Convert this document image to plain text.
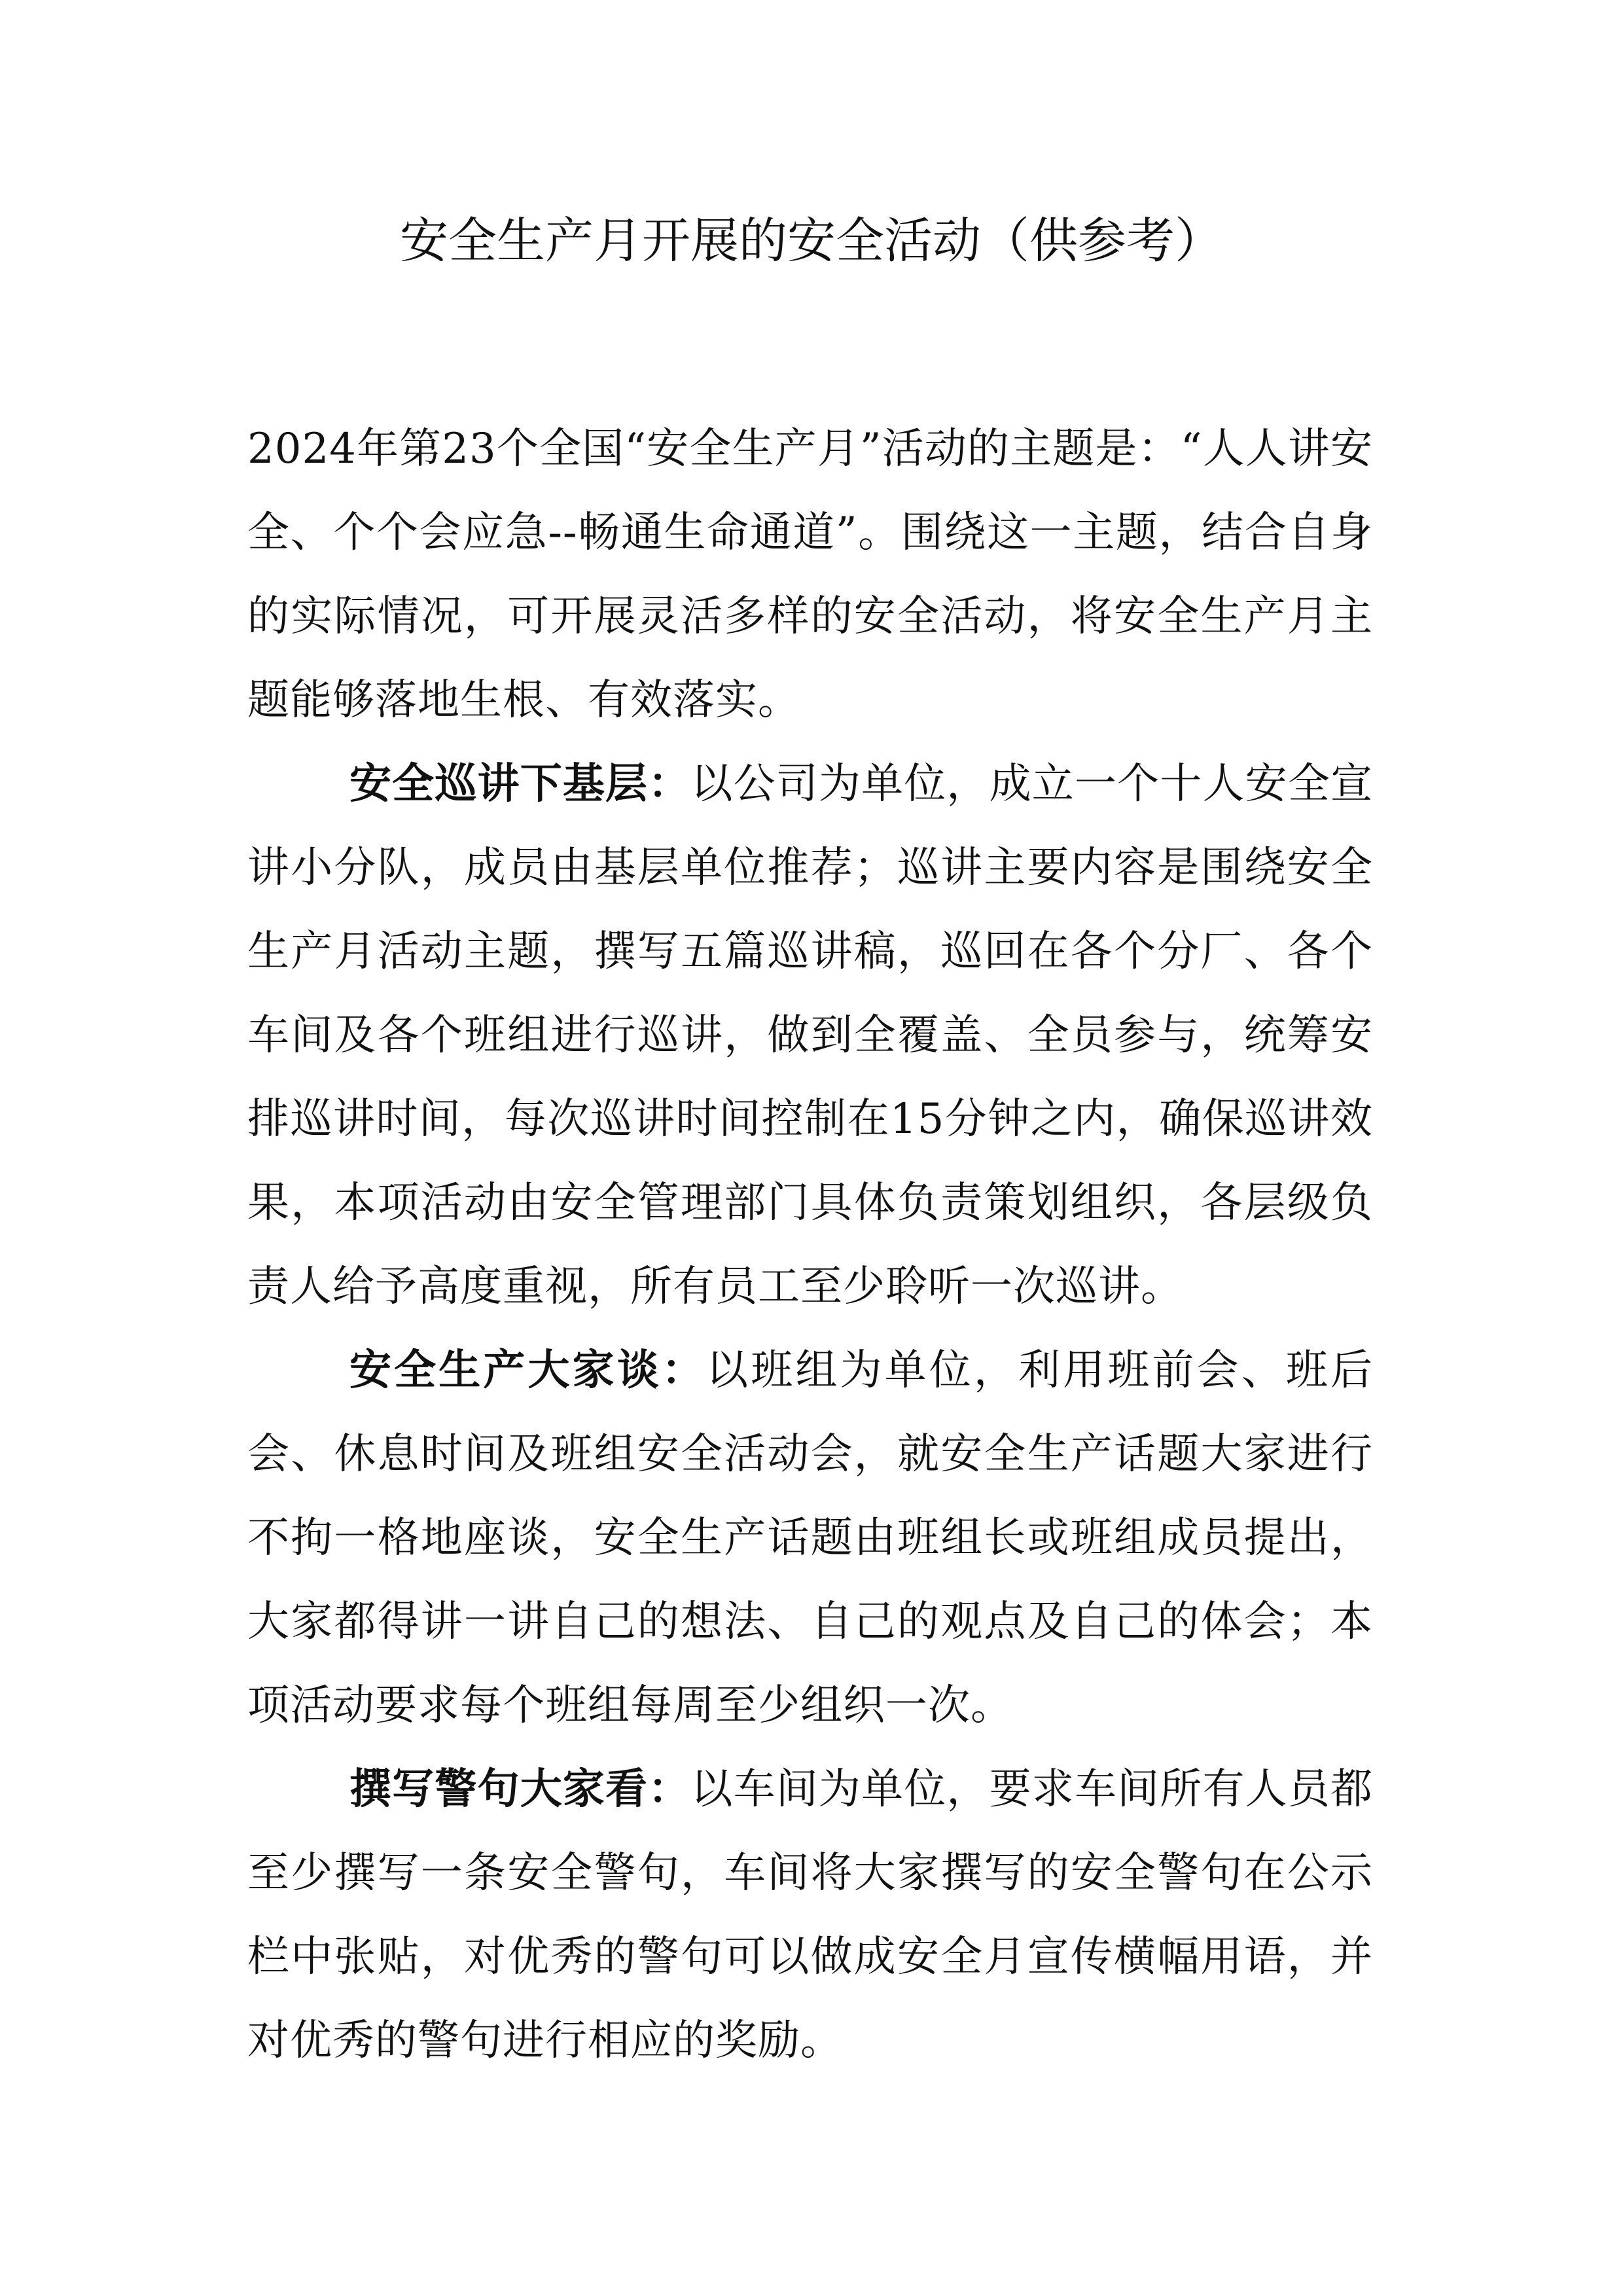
安全生产月开展的安全活动（供参考）

2024年第23个全国“安全生产月”活动的主题是：“人人讲安全、个个会应急--畅通生命通道”。围绕这一主题，结合自身的实际情况，可开展灵活多样的安全活动，将安全生产月主题能够落地生根、有效落实。

安全巡讲下基层：以公司为单位，成立一个十人安全宣讲小分队，成员由基层单位推荐；巡讲主要内容是围绕安全生产月活动主题，撰写五篇巡讲稿，巡回在各个分厂、各个车间及各个班组进行巡讲，做到全覆盖、全员参与，统筹安排巡讲时间，每次巡讲时间控制在15分钟之内，确保巡讲效果，本项活动由安全管理部门具体负责策划组织，各层级负责人给予高度重视，所有员工至少聆听一次巡讲。

安全生产大家谈：以班组为单位，利用班前会、班后会、休息时间及班组安全活动会，就安全生产话题大家进行不拘一格地座谈，安全生产话题由班组长或班组成员提出，大家都得讲一讲自己的想法、自己的观点及自己的体会；本项活动要求每个班组每周至少组织一次。

撰写警句大家看：以车间为单位，要求车间所有人员都至少撰写一条安全警句，车间将大家撰写的安全警句在公示栏中张贴，对优秀的警句可以做成安全月宣传横幅用语，并对优秀的警句进行相应的奖励。
